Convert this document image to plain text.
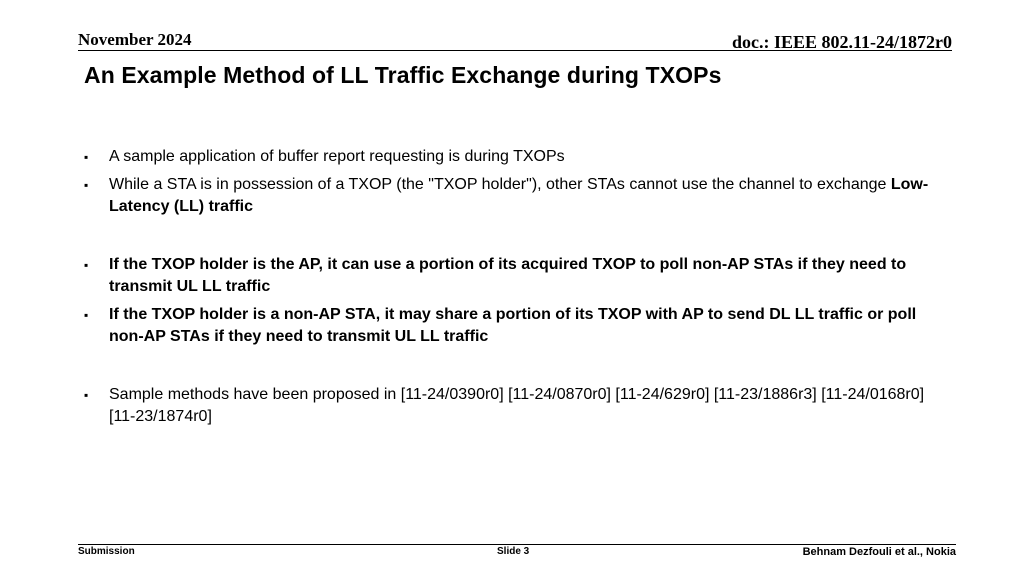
November 2024	doc.: IEEE 802.11-24/1872r0
An Example Method of LL Traffic Exchange during TXOPs
▪ A sample application of buffer report requesting is during TXOPs
▪ While a STA is in possession of a TXOP (the "TXOP holder"), other STAs cannot use the channel to exchange Low-Latency (LL) traffic
▪ If the TXOP holder is the AP, it can use a portion of its acquired TXOP to poll non-AP STAs if they need to transmit UL LL traffic
▪ If the TXOP holder is a non-AP STA, it may share a portion of its TXOP with AP to send DL LL traffic or poll non-AP STAs if they need to transmit UL LL traffic
▪ Sample methods have been proposed in [11-24/0390r0] [11-24/0870r0] [11-24/629r0] [11-23/1886r3] [11-24/0168r0] [11-23/1874r0]
Submission	Slide 3	Behnam Dezfouli et al., Nokia
